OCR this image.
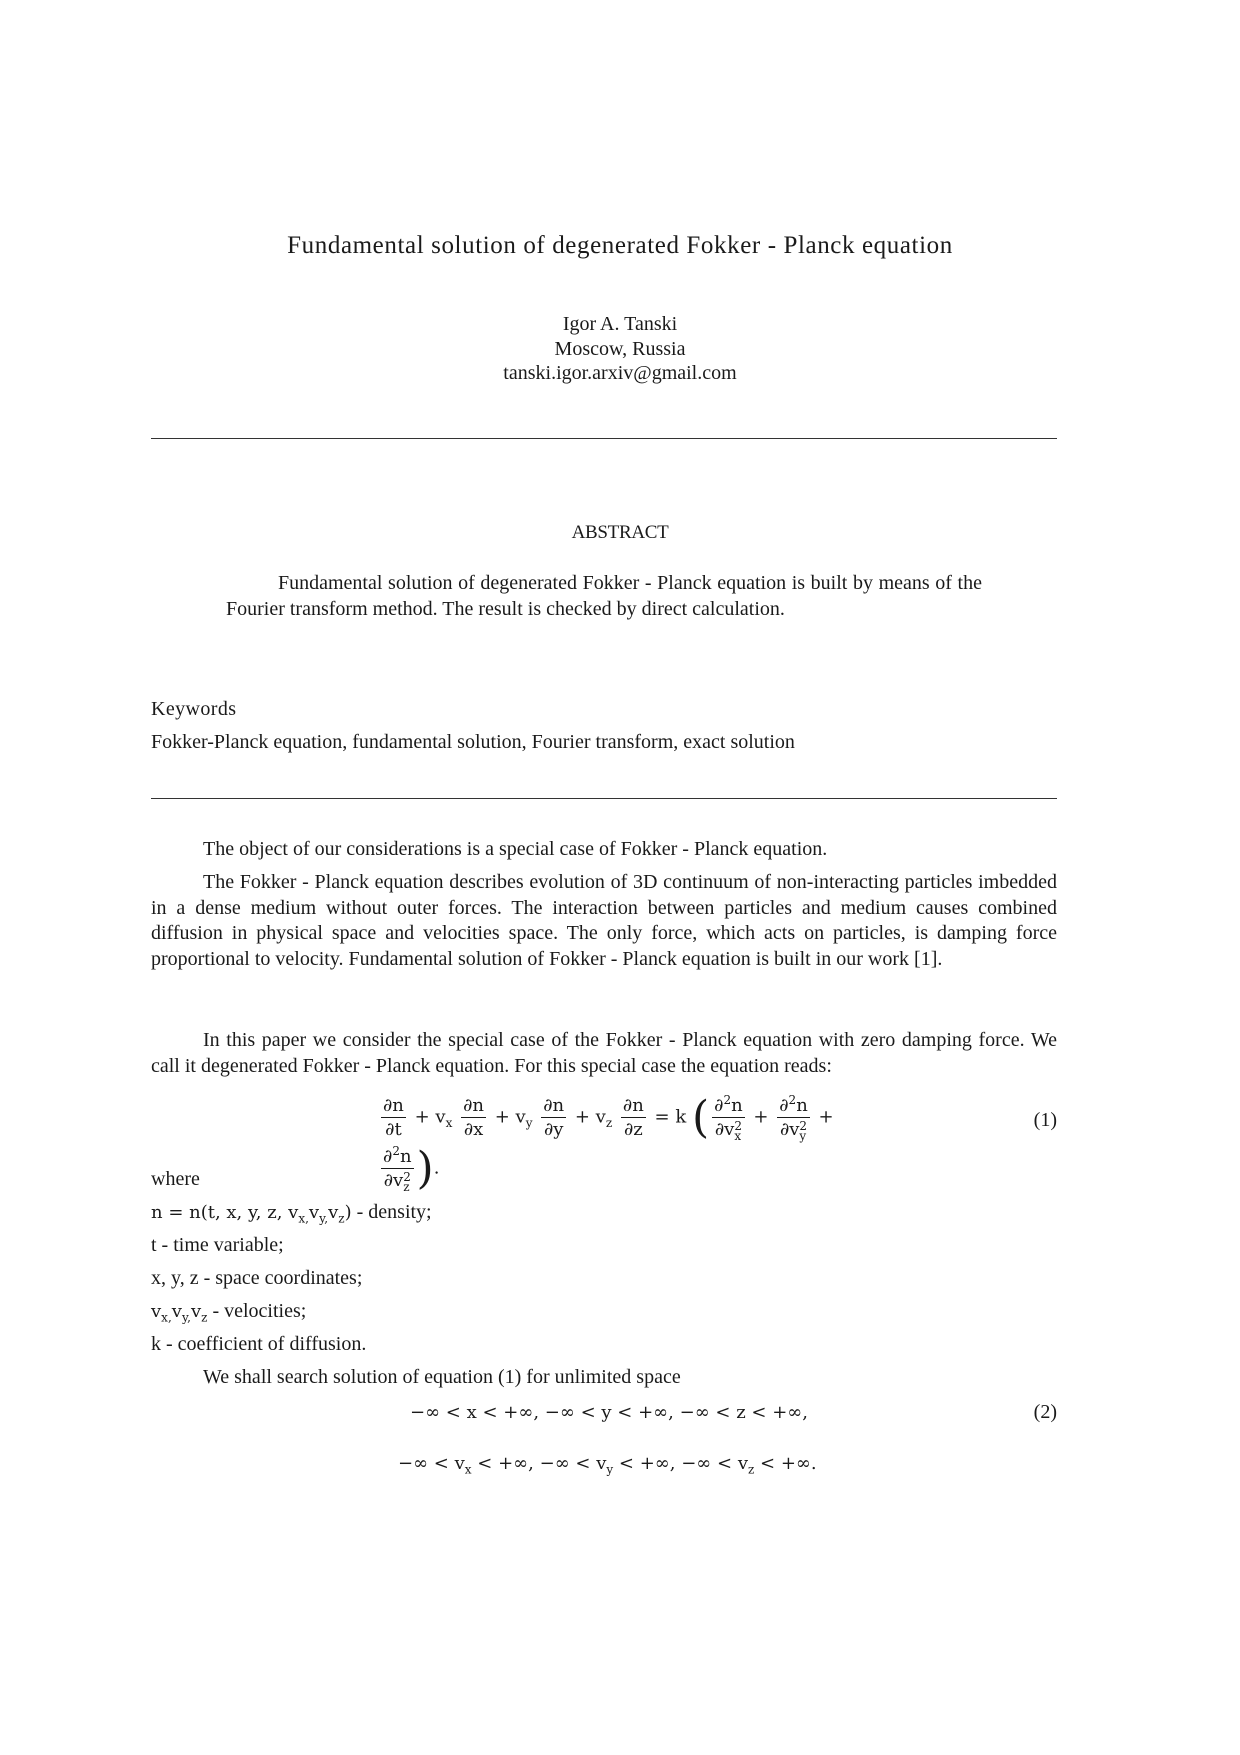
Fundamental solution of degenerated Fokker - Planck equation
Igor A. Tanski
Moscow, Russia
tanski.igor.arxiv@gmail.com
ABSTRACT
Fundamental solution of degenerated Fokker - Planck equation is built by means of the Fourier transform method. The result is checked by direct calculation.
Keywords
Fokker-Planck equation, fundamental solution, Fourier transform, exact solution
The object of our considerations is a special case of Fokker - Planck equation.
The Fokker - Planck equation describes evolution of 3D continuum of non-interacting particles imbedded in a dense medium without outer forces. The interaction between particles and medium causes combined diffusion in physical space and velocities space. The only force, which acts on particles, is damping force proportional to velocity. Fundamental solution of Fokker - Planck equation is built in our work [1].
In this paper we consider the special case of the Fokker - Planck equation with zero damping force. We call it degenerated Fokker - Planck equation. For this special case the equation reads:
$\frac{\partial n}{\partial t} + v_x \frac{\partial n}{\partial x} + v_y \frac{\partial n}{\partial y} + v_z \frac{\partial n}{\partial z} = k$ ( ∂$^2$n
∂v2
x
+
∂$^2$n
∂v2
y
+
∂$^2$n
∂v2
z ).
(1)
where
n = n(t, x, y, z, $v_{x,}v_{y,}v_z$) - density;
t - time variable;
x, y, z - space coordinates;
$v_{x,}v_{y,}v_z$ - velocities;
k - coefficient of diffusion.
We shall search solution of equation (1) for unlimited space
−∞ < x < +∞, −∞ < y < +∞, −∞ < z < +∞,	(2)
−∞ < $v_x$ < +∞, −∞ < $v_y$ < +∞, −∞ < $v_z$ < +∞.
